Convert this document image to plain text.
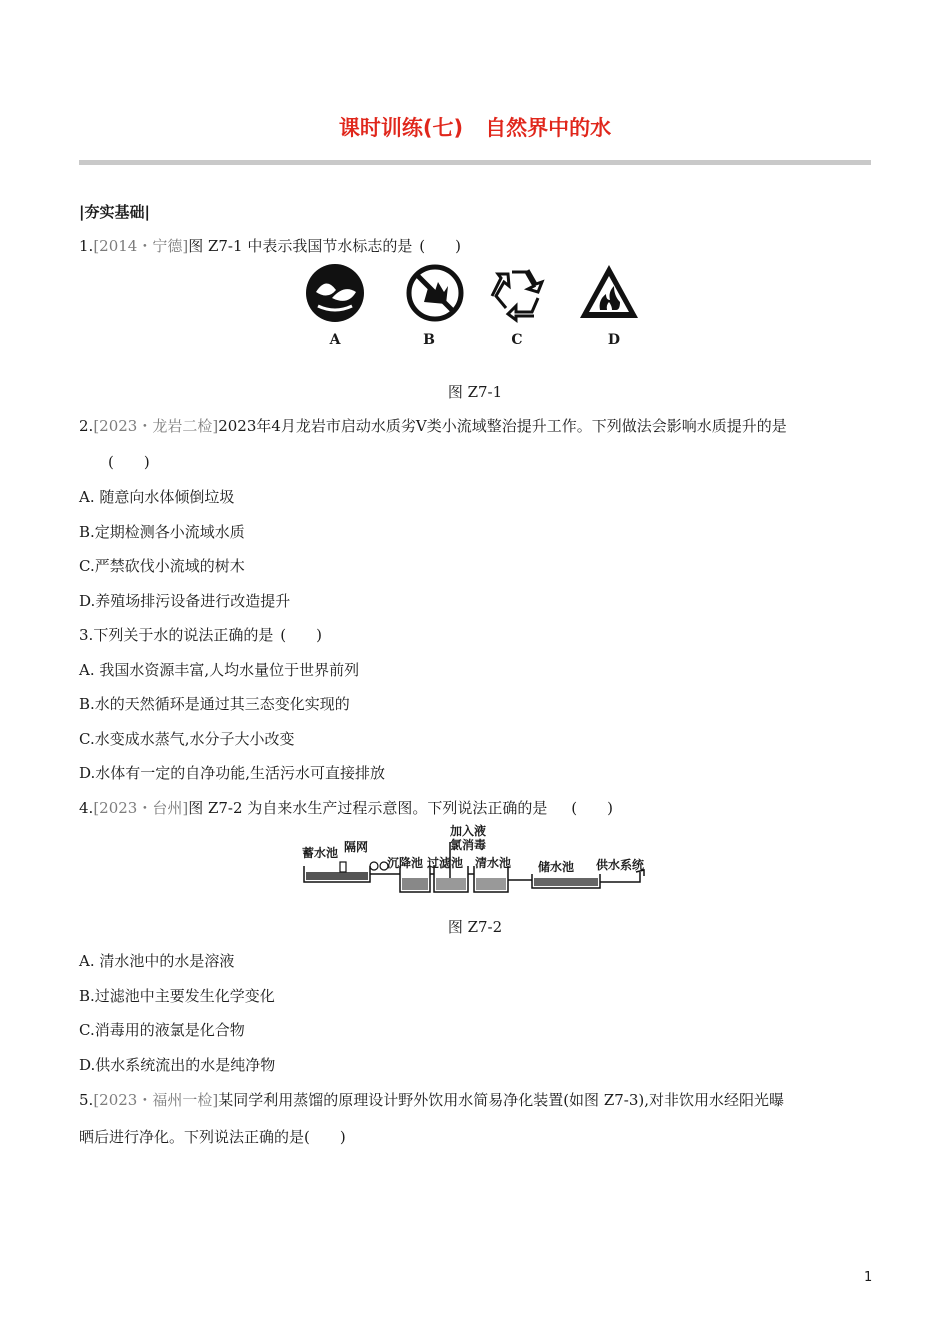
课时训练(七) 自然界中的水
|夯实基础|
1.[2014・宁德]图 Z7-1 中表示我国节水标志的是 (　　)
A	B	C	D
图 Z7-1
2.[2023・龙岩二检]2023年4月龙岩市启动水质劣Ⅴ类小流域整治提升工作。下列做法会影响水质提升的是
(　　)
A. 随意向水体倾倒垃圾
B.定期检测各小流域水质
C.严禁砍伐小流域的树木
D.养殖场排污设备进行改造提升
3.下列关于水的说法正确的是 (　　)
A. 我国水资源丰富,人均水量位于世界前列
B.水的天然循环是通过其三态变化实现的
C.水变成水蒸气,水分子大小改变
D.水体有一定的自净功能,生活污水可直接排放
4.[2023・台州]图 Z7-2 为自来水生产过程示意图。下列说法正确的是 (　　)
蓄水池 隔网
沉降池 过滤池
加入液
氯消毒
清水池 储水池 供水系统
图 Z7-2
A. 清水池中的水是溶液
B.过滤池中主要发生化学变化
C.消毒用的液氯是化合物
D.供水系统流出的水是纯净物
5.[2023・福州一检]某同学利用蒸馏的原理设计野外饮用水简易净化装置(如图 Z7-3),对非饮用水经阳光曝
晒后进行净化。下列说法正确的是(　　)
1
